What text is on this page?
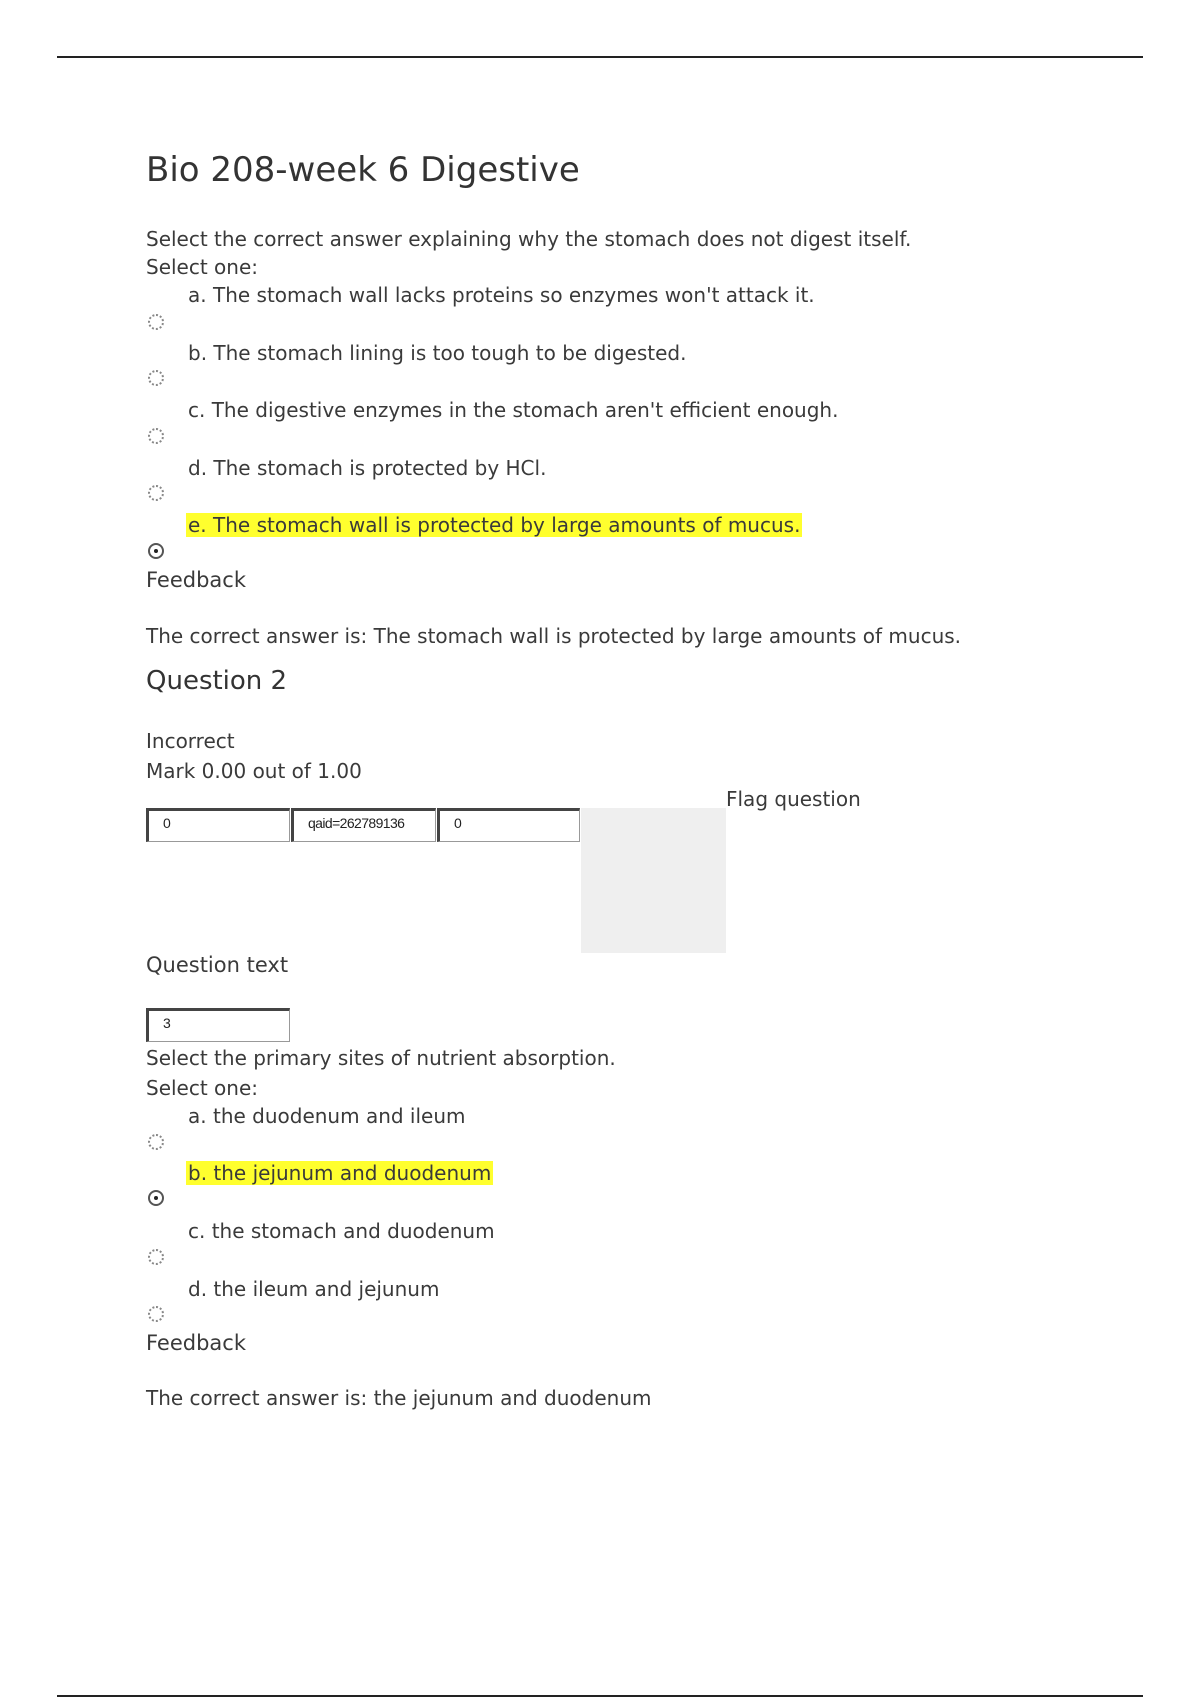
Bio 208-week 6 Digestive
Select the correct answer explaining why the stomach does not digest itself.
Select one:
a. The stomach wall lacks proteins so enzymes won't attack it.
b. The stomach lining is too tough to be digested.
c. The digestive enzymes in the stomach aren't efficient enough.
d. The stomach is protected by HCl.
e. The stomach wall is protected by large amounts of mucus.
Feedback
The correct answer is: The stomach wall is protected by large amounts of mucus.
Question 2
Incorrect
Mark 0.00 out of 1.00
0	qaid=262789136	0
Flag question
Question text
3
Select the primary sites of nutrient absorption.
Select one:
a. the duodenum and ileum
b. the jejunum and duodenum
c. the stomach and duodenum
d. the ileum and jejunum
Feedback
The correct answer is: the jejunum and duodenum
